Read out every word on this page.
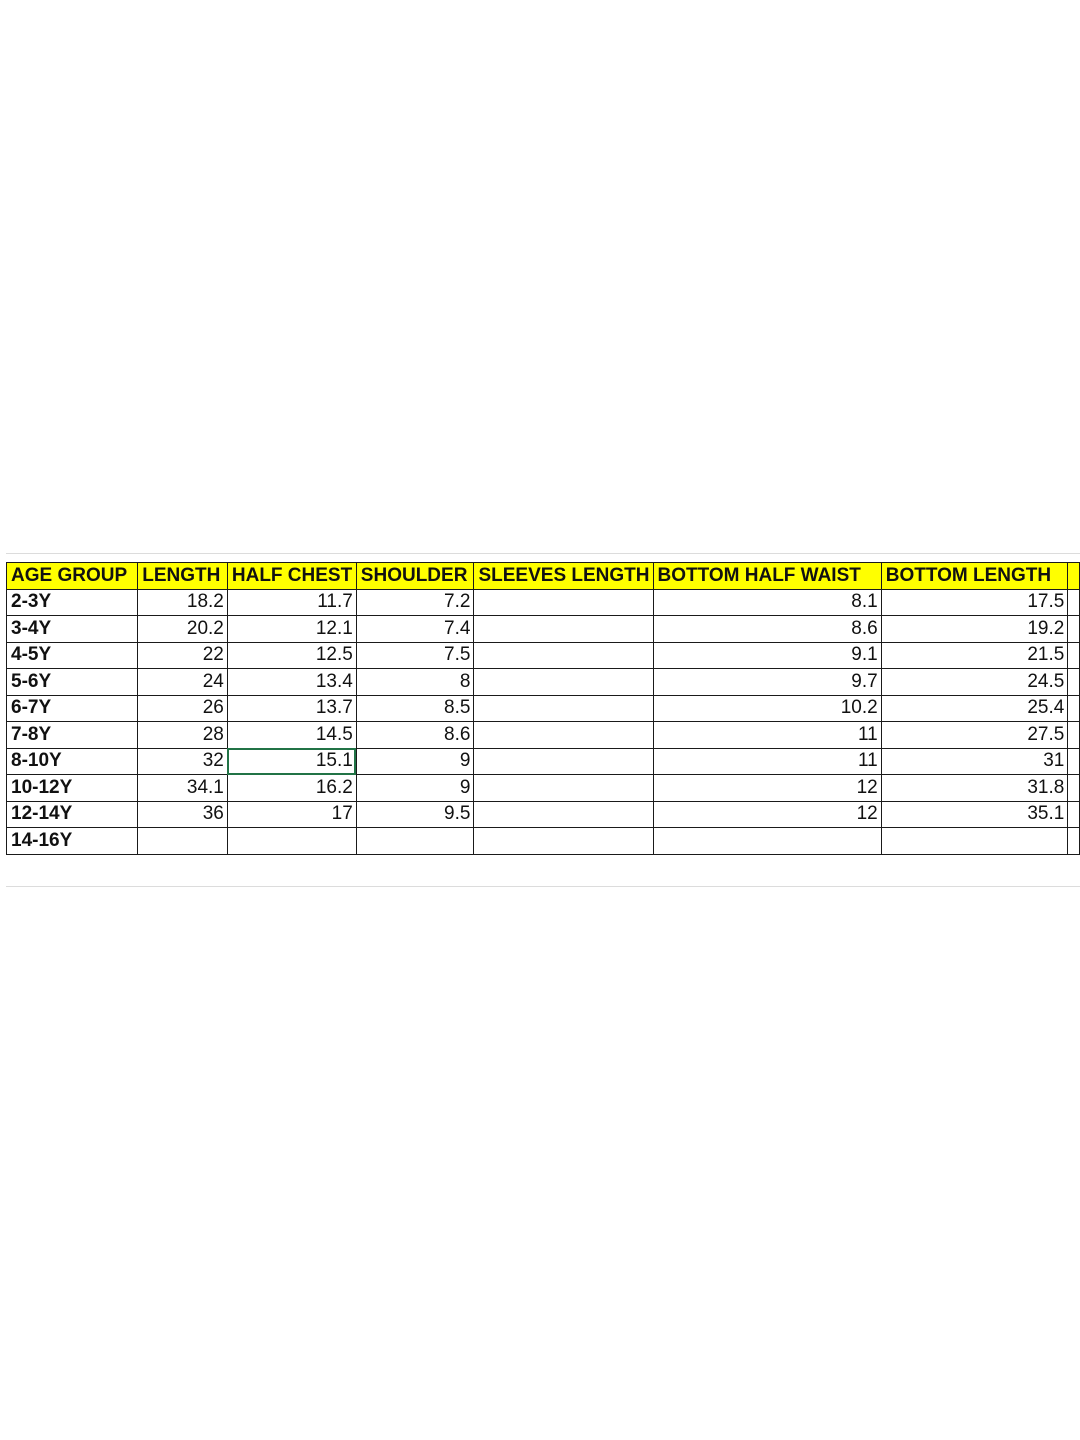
AGE GROUP	LENGTH	HALF CHEST	SHOULDER	SLEEVES LENGTH	BOTTOM HALF WAIST	BOTTOM LENGTH	
2-3Y	18.2	11.7	7.2		8.1	17.5	
3-4Y	20.2	12.1	7.4		8.6	19.2	
4-5Y	22	12.5	7.5		9.1	21.5	
5-6Y	24	13.4	8		9.7	24.5	
6-7Y	26	13.7	8.5		10.2	25.4	
7-8Y	28	14.5	8.6		11	27.5	
8-10Y	32	15.1	9		11	31	
10-12Y	34.1	16.2	9		12	31.8	
12-14Y	36	17	9.5		12	35.1	
14-16Y							
